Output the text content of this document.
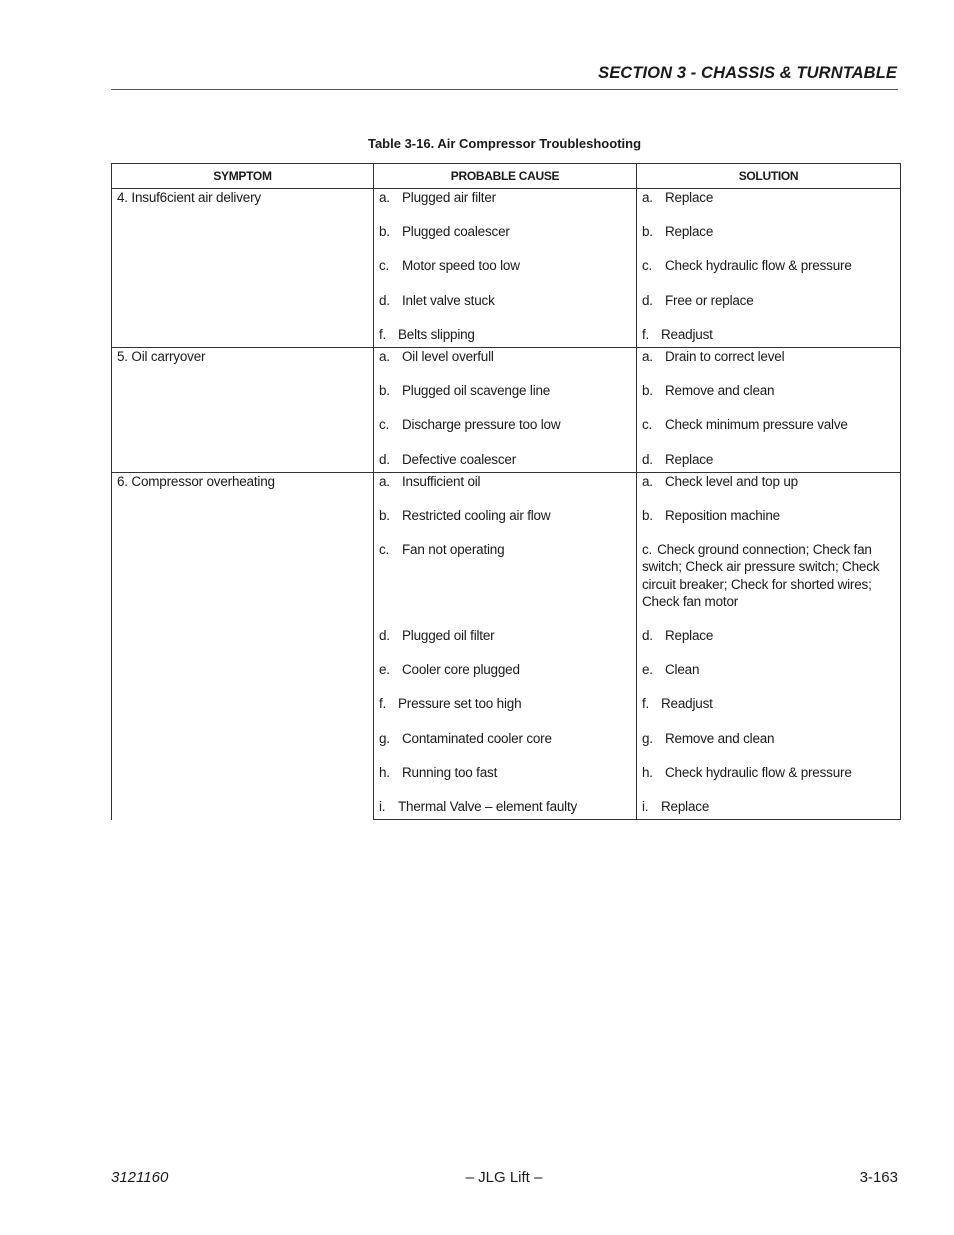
SECTION 3 - CHASSIS & TURNTABLE
Table 3-16. Air Compressor Troubleshooting
SYMPTOM	PROBABLE CAUSE	SOLUTION
4. Insuf6cient air delivery	a. Plugged air filter	a. Replace
	b. Plugged coalescer	b. Replace
	c. Motor speed too low	c. Check hydraulic flow & pressure
	d. Inlet valve stuck	d. Free or replace
	f. Belts slipping	f. Readjust
5. Oil carryover	a. Oil level overfull	a. Drain to correct level
	b. Plugged oil scavenge line	b. Remove and clean
	c. Discharge pressure too low	c. Check minimum pressure valve
	d. Defective coalescer	d. Replace
6. Compressor overheating	a. Insufficient oil	a. Check level and top up
	b. Restricted cooling air flow	b. Reposition machine
	c. Fan not operating	c. Check ground connection; Check fan switch; Check air pressure switch; Check circuit breaker; Check for shorted wires; Check fan motor
	d. Plugged oil filter	d. Replace
	e. Cooler core plugged	e. Clean
	f. Pressure set too high	f. Readjust
	g. Contaminated cooler core	g. Remove and clean
	h. Running too fast	h. Check hydraulic flow & pressure
	i. Thermal Valve – element faulty	i. Replace
3121160	– JLG Lift –	3-163
